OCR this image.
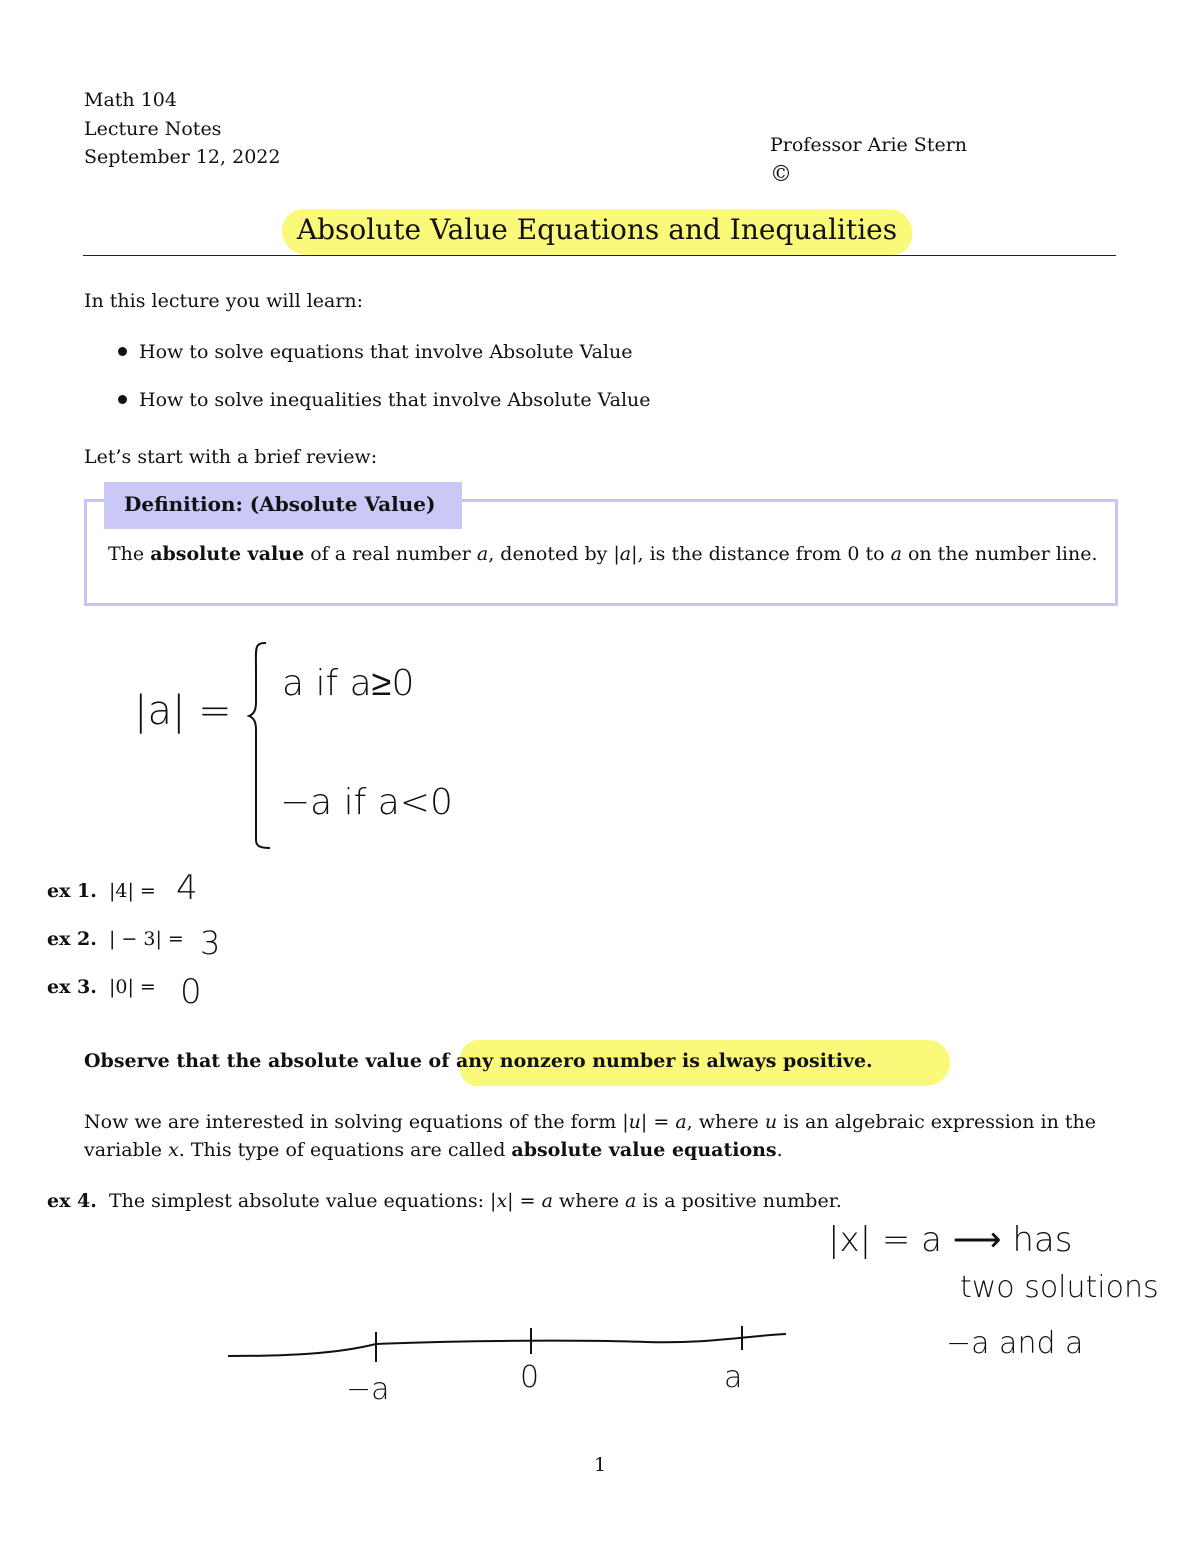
Math 104
Lecture Notes
September 12, 2022
Professor Arie Stern
©
Absolute Value Equations and Inequalities
In this lecture you will learn:
How to solve equations that involve Absolute Value
How to solve inequalities that involve Absolute Value
Let’s start with a brief review:
Definition: (Absolute Value)
The absolute value of a real number a, denoted by |a|, is the distance from 0 to a on the number line.
|a| =
a if a≥0
−a if a<0
ex 1. |4| = 4
ex 2. | − 3| = 3
ex 3. |0| = 0
Observe that the absolute value of any nonzero number is always positive.
Now we are interested in solving equations of the form |u| = a, where u is an algebraic expression in the variable x. This type of equations are called absolute value equations.
ex 4. The simplest absolute value equations: |x| = a where a is a positive number.
|x| = a ⟶ has
two solutions
−a and a
−a	0	a
1
